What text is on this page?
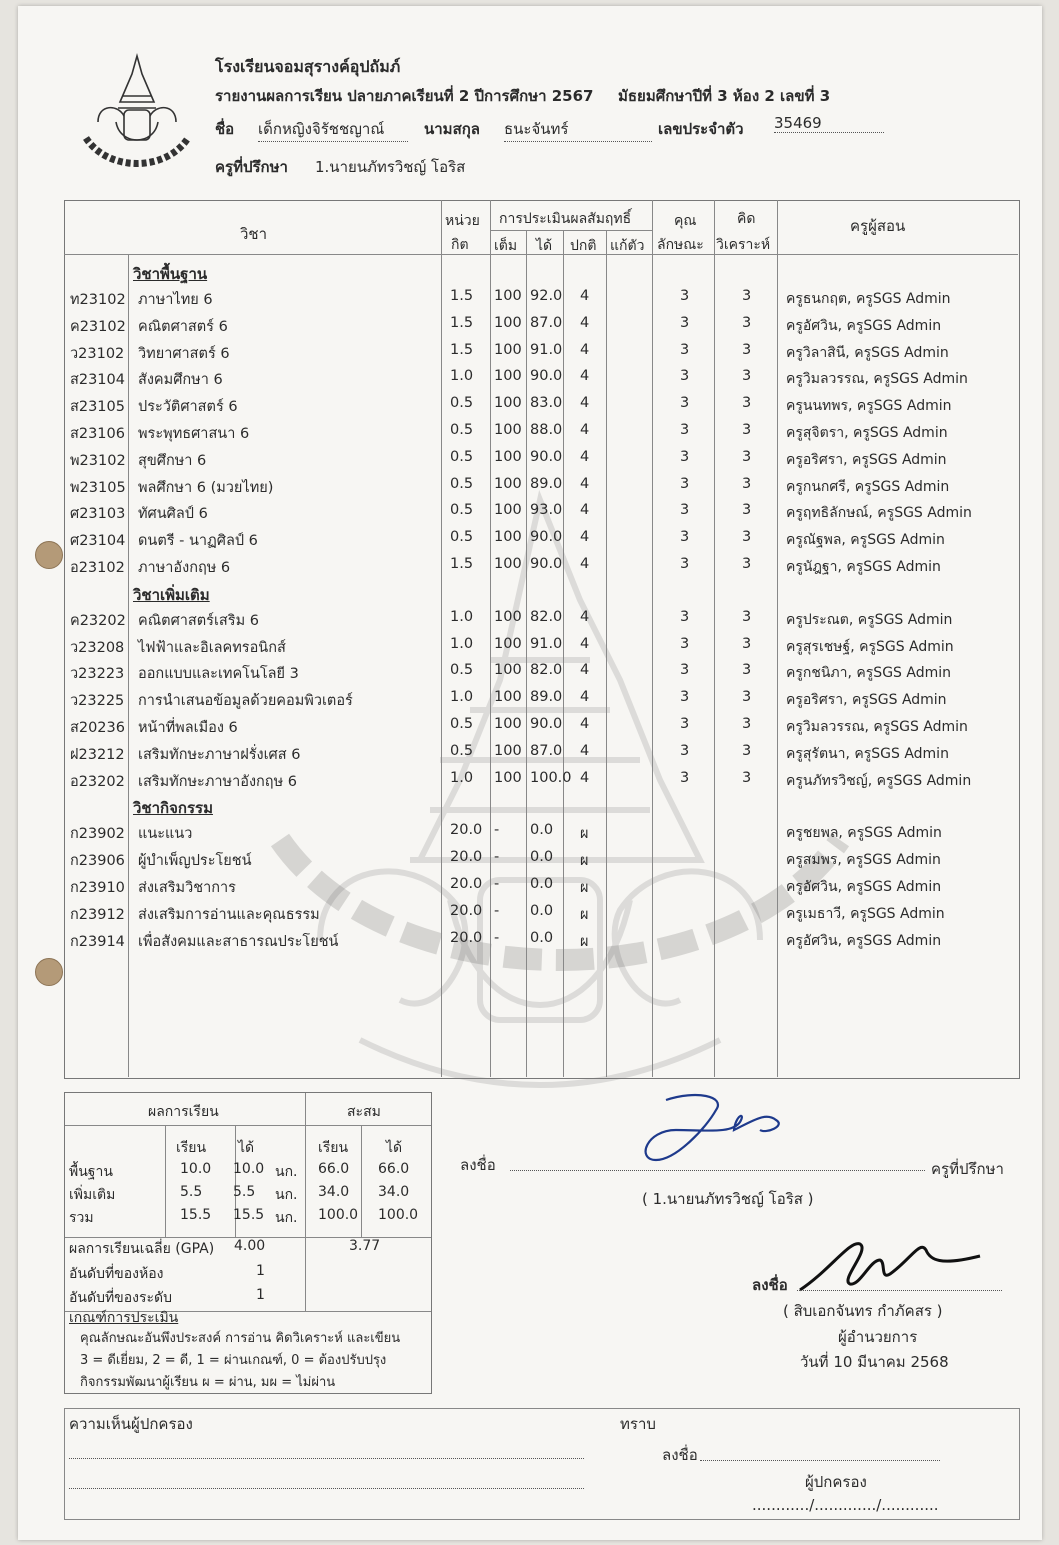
โรงเรียนจอมสุรางค์อุปถัมภ์
รายงานผลการเรียน ปลายภาคเรียนที่ 2 ปีการศึกษา 2567 มัธยมศึกษาปีที่ 3 ห้อง 2 เลขที่ 3
ชื่อ เด็กหญิงจิรัชชญาณ์	นามสกุล ธนะจันทร์	เลขประจำตัว 35469
ครูที่ปรึกษา 1.นายนภัทรวิชญ์ โอริส
วิชา
หน่วย
กิต
การประเมินผลสัมฤทธิ์
เต็ม ได้ ปกติ แก้ตัว
คุณ
ลักษณะ
คิด
วิเคราะห์
ครูผู้สอน
วิชาพื้นฐาน
ท23102 ภาษาไทย 6	1.5 100 92.0 4	3	3 ครูธนกฤต, ครูSGS Admin
ค23102 คณิตศาสตร์ 6	1.5 100 87.0 4	3	3 ครูอัศวิน, ครูSGS Admin
ว23102 วิทยาศาสตร์ 6	1.5 100 91.0 4	3	3 ครูวิลาสินี, ครูSGS Admin
ส23104 สังคมศึกษา 6	1.0 100 90.0 4	3	3 ครูวิมลวรรณ, ครูSGS Admin
ส23105 ประวัติศาสตร์ 6	0.5 100 83.0 4	3	3 ครูนนทพร, ครูSGS Admin
ส23106 พระพุทธศาสนา 6	0.5 100 88.0 4	3	3 ครูสุจิตรา, ครูSGS Admin
พ23102 สุขศึกษา 6	0.5 100 90.0 4	3	3 ครูอริศรา, ครูSGS Admin
พ23105 พลศึกษา 6 (มวยไทย)	0.5 100 89.0 4	3	3 ครูกนกศรี, ครูSGS Admin
ศ23103 ทัศนศิลป์ 6	0.5 100 93.0 4	3	3 ครูฤทธิลักษณ์, ครูSGS Admin
ศ23104 ดนตรี - นาฏศิลป์ 6	0.5 100 90.0 4	3	3 ครูณัฐพล, ครูSGS Admin
อ23102 ภาษาอังกฤษ 6	1.5 100 90.0 4	3	3 ครูนัฎฐา, ครูSGS Admin
วิชาเพิ่มเติม
ค23202 คณิตศาสตร์เสริม 6	1.0 100 82.0 4	3	3 ครูประณต, ครูSGS Admin
ว23208 ไฟฟ้าและอิเลคทรอนิกส์	1.0 100 91.0 4	3	3 ครูสุรเชษฐ์, ครูSGS Admin
ว23223 ออกแบบและเทคโนโลยี 3	0.5 100 82.0 4	3	3 ครูกชนิภา, ครูSGS Admin
ว23225 การนำเสนอข้อมูลด้วยคอมพิวเตอร์	1.0 100 89.0 4	3	3 ครูอริศรา, ครูSGS Admin
ส20236 หน้าที่พลเมือง 6	0.5 100 90.0 4	3	3 ครูวิมลวรรณ, ครูSGS Admin
ฝ23212 เสริมทักษะภาษาฝรั่งเศส 6	0.5 100 87.0 4	3	3 ครูสุรัตนา, ครูSGS Admin
อ23202 เสริมทักษะภาษาอังกฤษ 6	1.0 100 100.0 4	3	3 ครูนภัทรวิชญ์, ครูSGS Admin
วิชากิจกรรม
ก23902 แนะแนว	20.0 - 0.0 ผ	ครูชยพล, ครูSGS Admin
ก23906 ผู้บำเพ็ญประโยชน์	20.0 - 0.0 ผ	ครูสมพร, ครูSGS Admin
ก23910 ส่งเสริมวิชาการ	20.0 - 0.0 ผ	ครูอัศวิน, ครูSGS Admin
ก23912 ส่งเสริมการอ่านและคุณธรรม	20.0 - 0.0 ผ	ครูเมธาวี, ครูSGS Admin
ก23914 เพื่อสังคมและสาธารณประโยชน์	20.0 - 0.0 ผ	ครูอัศวิน, ครูSGS Admin
ผลการเรียน	สะสม
เรียน ได้	เรียน	ได้
พื้นฐาน	10.0 10.0 นก. 66.0 66.0
เพิ่มเติม	5.5 5.5 นก. 34.0 34.0
รวม	15.5 15.5 นก. 100.0 100.0
ผลการเรียนเฉลี่ย (GPA) 4.00	3.77
อันดับที่ของห้อง	1
อันดับที่ของระดับ	1
เกณฑ์การประเมิน
คุณลักษณะอันพึงประสงค์ การอ่าน คิดวิเคราะห์ และเขียน
3 = ดีเยี่ยม, 2 = ดี, 1 = ผ่านเกณฑ์, 0 = ต้องปรับปรุง
กิจกรรมพัฒนาผู้เรียน ผ = ผ่าน, มผ = ไม่ผ่าน
ลงชื่อ	ครูที่ปรึกษา
( 1.นายนภัทรวิชญ์ โอริส )
ลงชื่อ
( สิบเอกจันทร กำภัคสร )
ผู้อำนวยการ
วันที่ 10 มีนาคม 2568
ความเห็นผู้ปกครอง	ทราบ
ลงชื่อ
ผู้ปกครอง
............/............./............
